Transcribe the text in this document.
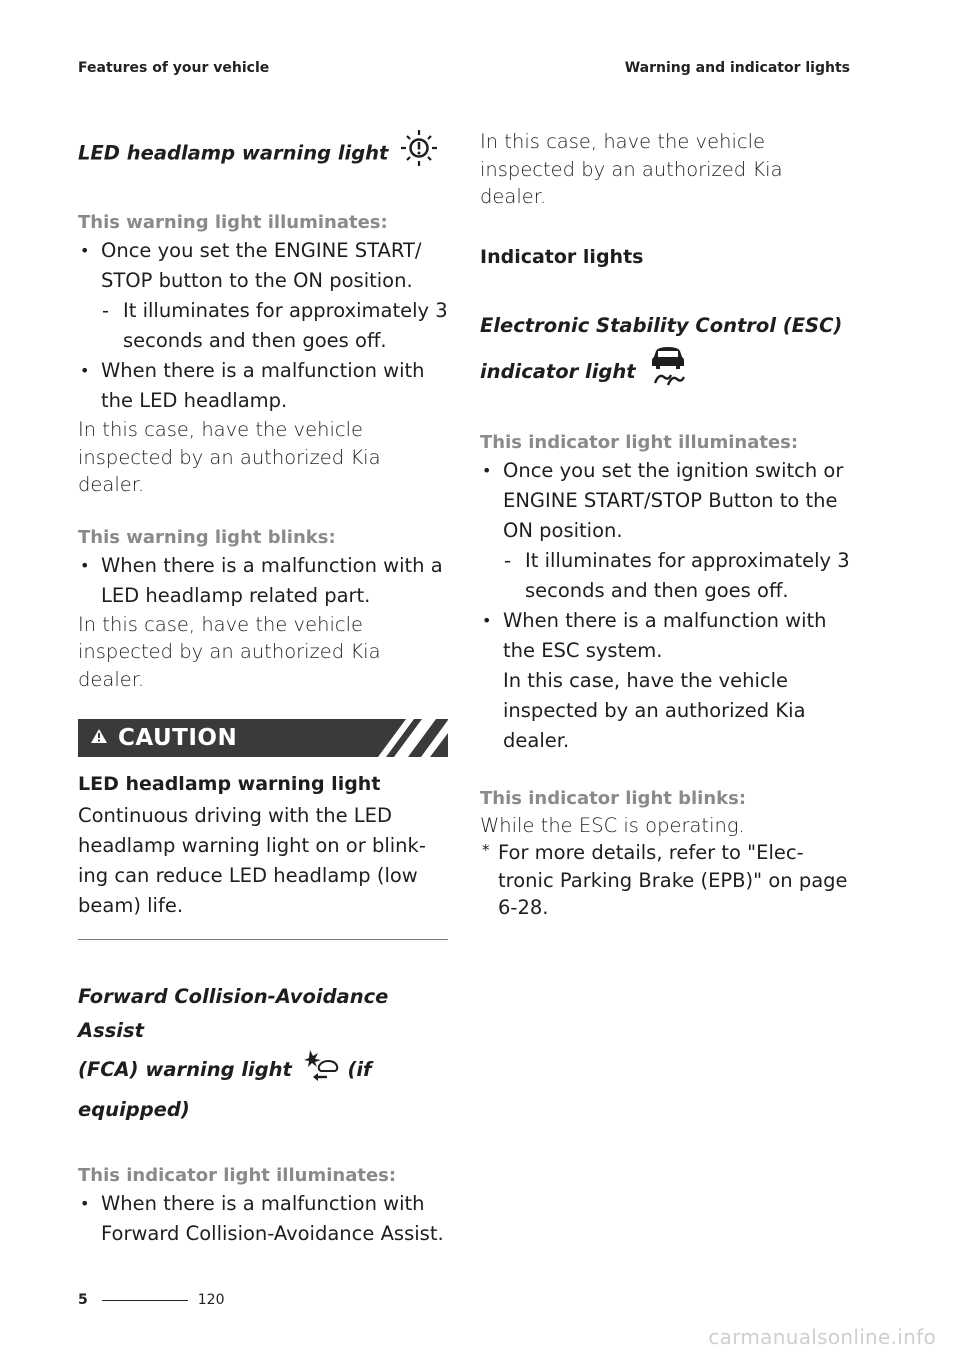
Features of your vehicle	Warning and indicator lights
LED headlamp warning light
This warning light illuminates:
• Once you set the ENGINE START/ STOP button to the ON position.
- It illuminates for approximately 3 seconds and then goes off.
• When there is a malfunction with the LED headlamp.
In this case, have the vehicle inspected by an authorized Kia dealer.
This warning light blinks:
• When there is a malfunction with a LED headlamp related part.
In this case, have the vehicle inspected by an authorized Kia dealer.
CAUTION
LED headlamp warning light
Continuous driving with the LED headlamp warning light on or blink- ing can reduce LED headlamp (low beam) life.
Forward Collision-Avoidance Assist
(FCA) warning light	(if
equipped)
This indicator light illuminates:
• When there is a malfunction with Forward Collision-Avoidance Assist.
In this case, have the vehicle inspected by an authorized Kia dealer.
Indicator lights
Electronic Stability Control (ESC)
indicator light
This indicator light illuminates:
• Once you set the ignition switch or ENGINE START/STOP Button to the ON position.
- It illuminates for approximately 3 seconds and then goes off.
• When there is a malfunction with the ESC system.
In this case, have the vehicle inspected by an authorized Kia dealer.
This indicator light blinks:
While the ESC is operating.
* For more details, refer to "Elec- tronic Parking Brake (EPB)" on page 6-28.
5	120
carmanualsonline.info
